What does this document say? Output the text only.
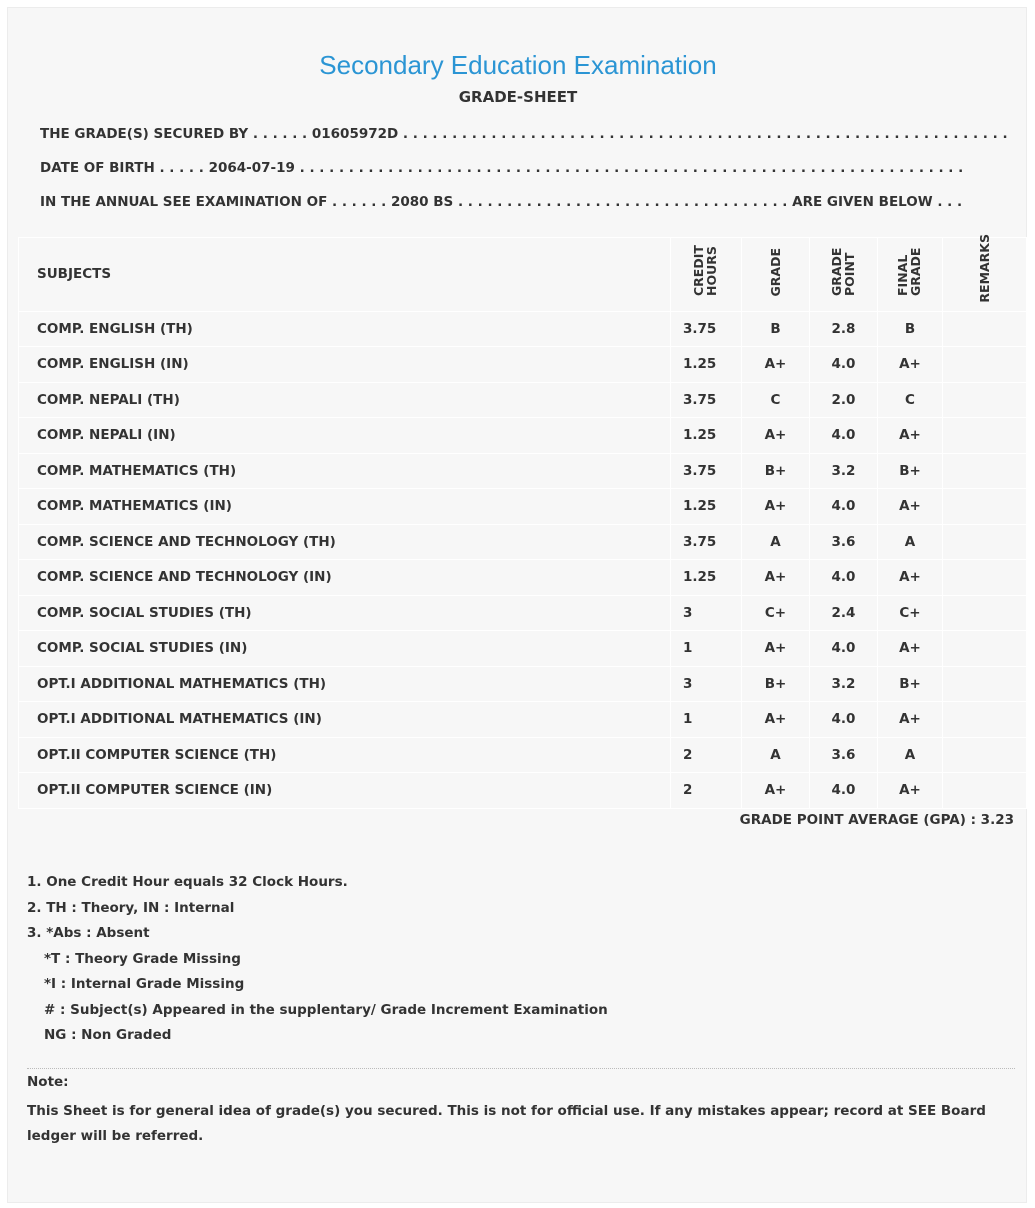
Secondary Education Examination
GRADE-SHEET
THE GRADE(S) SECURED BY . . . . . . 01605972D . . . . . . . . . . . . . . . . . . . . . . . . . . . . . . . . . . . . . . . . . . . . . . . . . . . . . . . . . . . . . .
DATE OF BIRTH . . . . . 2064-07-19 . . . . . . . . . . . . . . . . . . . . . . . . . . . . . . . . . . . . . . . . . . . . . . . . . . . . . . . . . . . . . . . . . . . .
IN THE ANNUAL SEE EXAMINATION OF . . . . . . 2080 BS . . . . . . . . . . . . . . . . . . . . . . . . . . . . . . . . . . ARE GIVEN BELOW . . .
SUBJECTS	CREDIT HOURS	GRADE	GRADE POINT	FINAL GRADE	REMARKS
COMP. ENGLISH (TH)	3.75	B	2.8	B	
COMP. ENGLISH (IN)	1.25	A+	4.0	A+	
COMP. NEPALI (TH)	3.75	C	2.0	C	
COMP. NEPALI (IN)	1.25	A+	4.0	A+	
COMP. MATHEMATICS (TH)	3.75	B+	3.2	B+	
COMP. MATHEMATICS (IN)	1.25	A+	4.0	A+	
COMP. SCIENCE AND TECHNOLOGY (TH)	3.75	A	3.6	A	
COMP. SCIENCE AND TECHNOLOGY (IN)	1.25	A+	4.0	A+	
COMP. SOCIAL STUDIES (TH)	3	C+	2.4	C+	
COMP. SOCIAL STUDIES (IN)	1	A+	4.0	A+	
OPT.I ADDITIONAL MATHEMATICS (TH)	3	B+	3.2	B+	
OPT.I ADDITIONAL MATHEMATICS (IN)	1	A+	4.0	A+	
OPT.II COMPUTER SCIENCE (TH)	2	A	3.6	A	
OPT.II COMPUTER SCIENCE (IN)	2	A+	4.0	A+	
GRADE POINT AVERAGE (GPA) : 3.23
1. One Credit Hour equals 32 Clock Hours.
2. TH : Theory, IN : Internal
3. *Abs : Absent
*T : Theory Grade Missing
*I : Internal Grade Missing
# : Subject(s) Appeared in the supplentary/ Grade Increment Examination
NG : Non Graded
Note:
This Sheet is for general idea of grade(s) you secured. This is not for official use. If any mistakes appear; record at SEE Board ledger will be referred.
